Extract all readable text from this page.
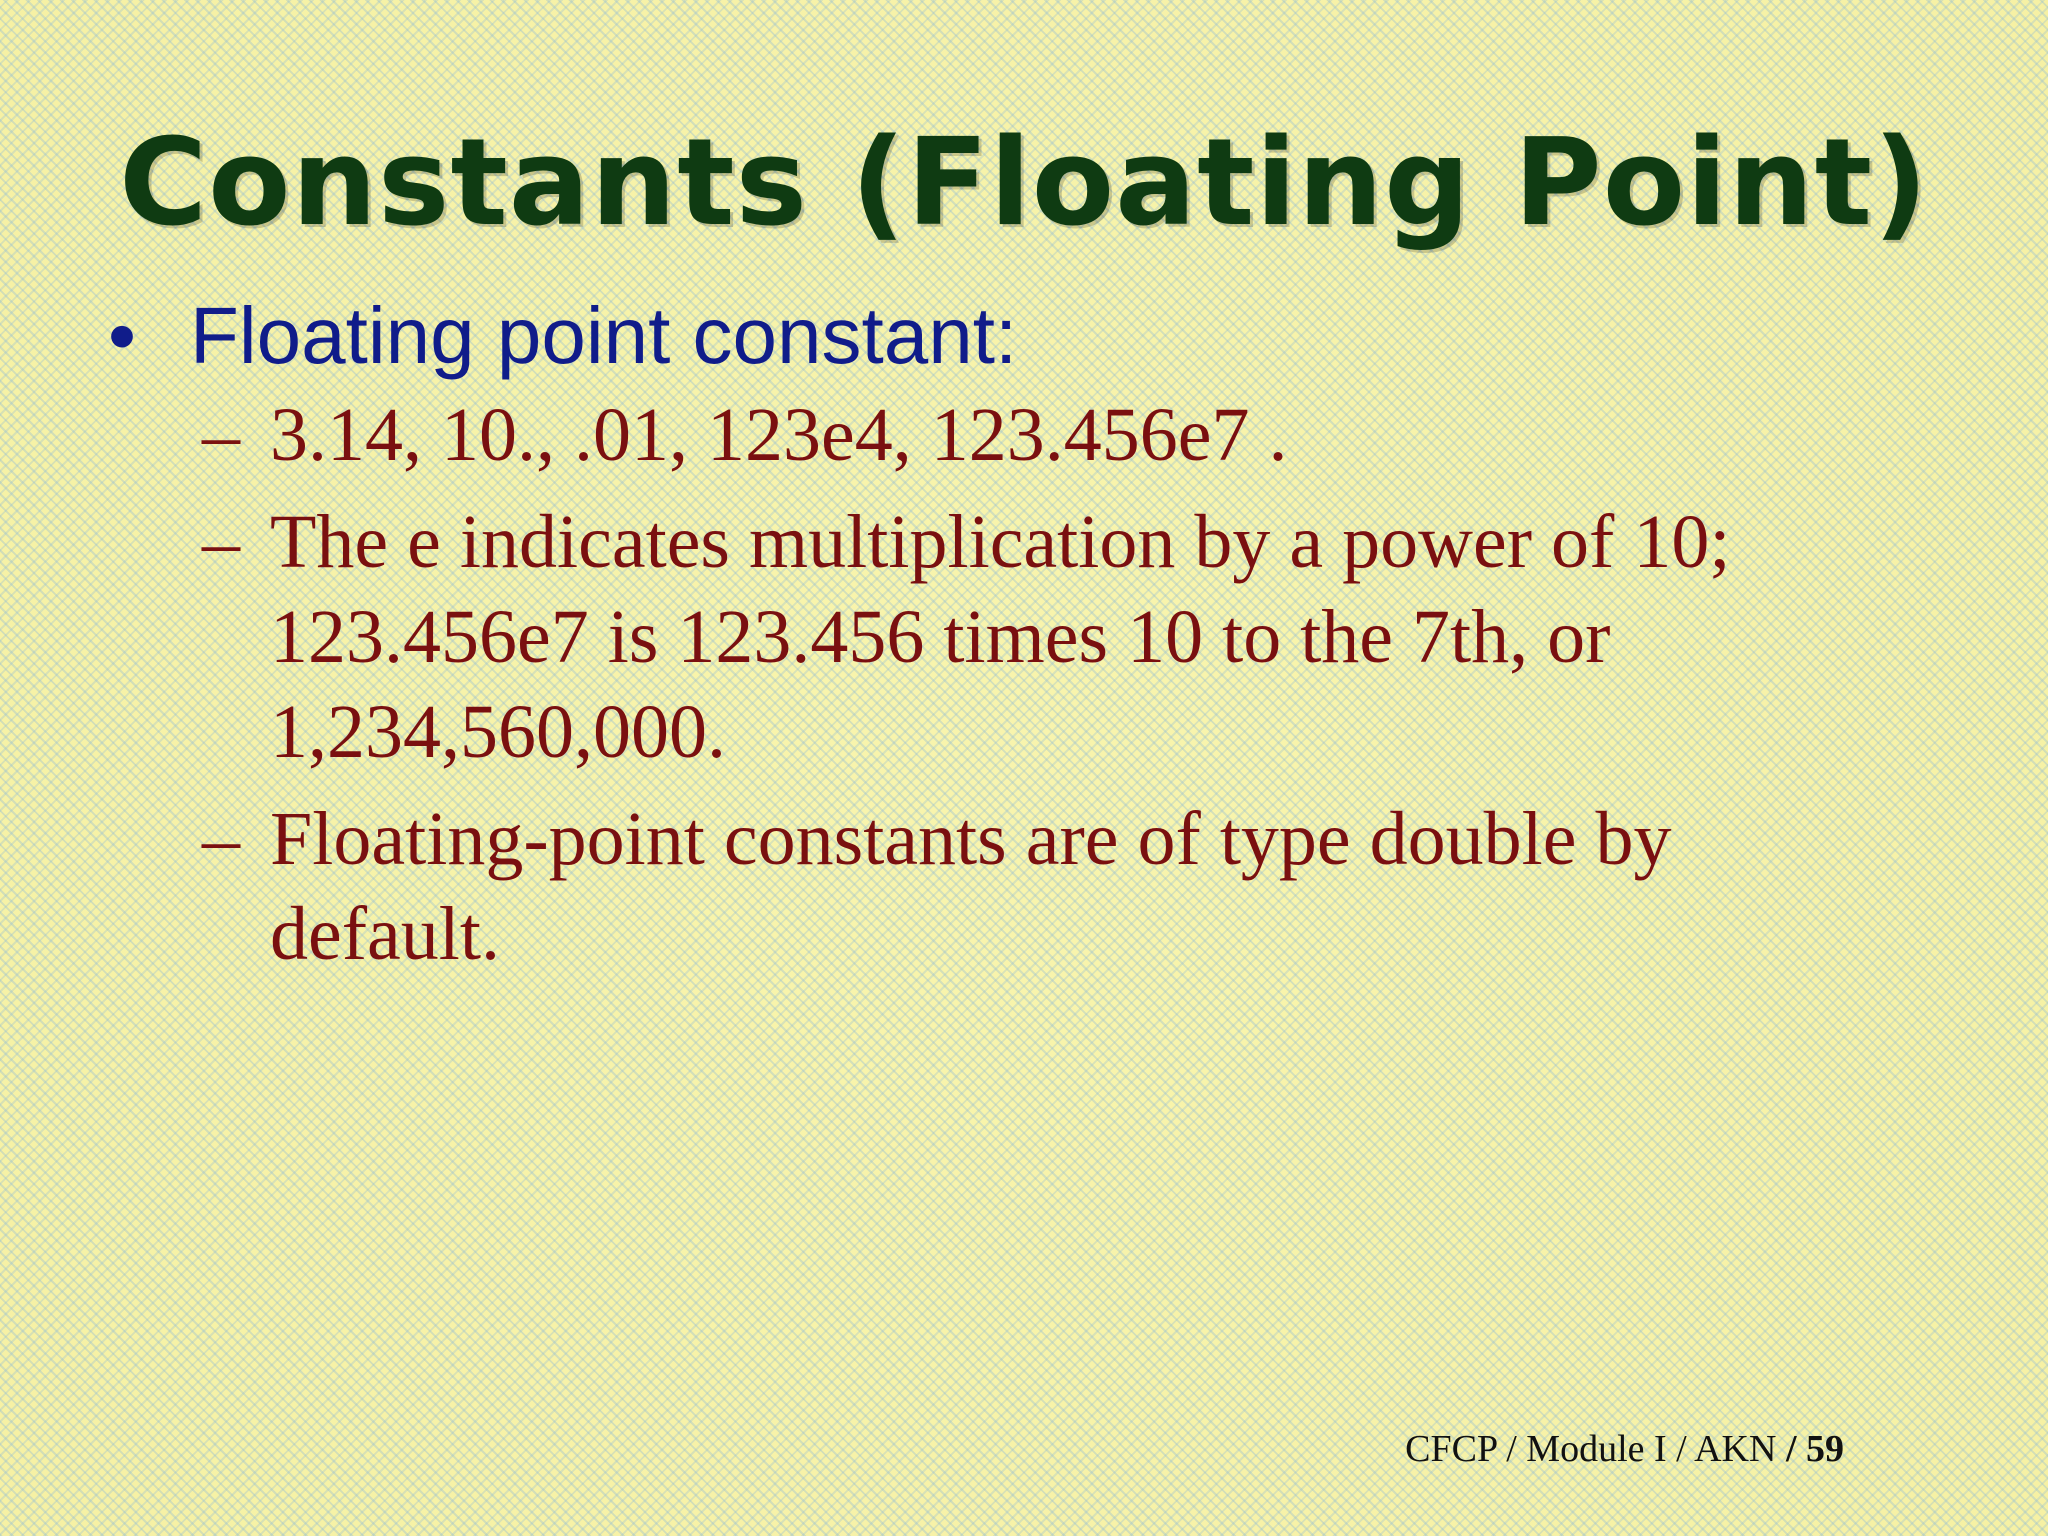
Constants (Floating Point)
• Floating point constant:
– 3.14, 10., .01, 123e4, 123.456e7 .
– The e indicates multiplication by a power of 10; 123.456e7 is 123.456 times 10 to the 7th, or 1,234,560,000.
– Floating-point constants are of type double by default.
CFCP / Module I / AKN / 59
